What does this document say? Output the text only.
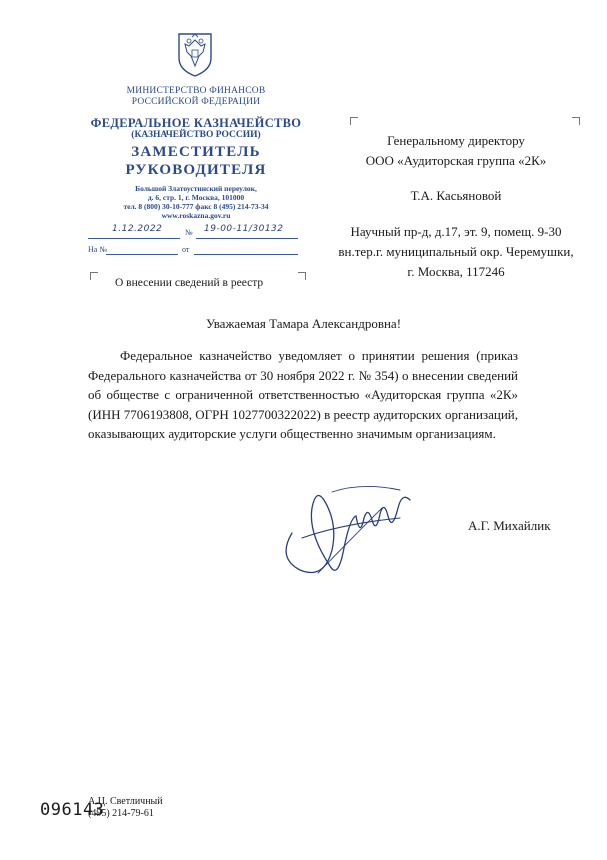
МИНИСТЕРСТВО ФИНАНСОВ
РОССИЙСКОЙ ФЕДЕРАЦИИ
ФЕДЕРАЛЬНОЕ КАЗНАЧЕЙСТВО
(КАЗНАЧЕЙСТВО РОССИИ)
ЗАМЕСТИТЕЛЬ
РУКОВОДИТЕЛЯ
Большой Златоустинский переулок,
д. 6, стр. 1, г. Москва, 101000
тел. 8 (800) 30-10-777 факс 8 (495) 214-73-34
www.roskazna.gov.ru
1.12.2022	№ 19-00-11/30132
На №	от
О внесении сведений в реестр
Генеральному директору
ООО «Аудиторская группа «2К»
Т.А. Касьяновой
Научный пр-д, д.17, эт. 9, помещ. 9-30
вн.тер.г. муниципальный окр. Черемушки,
г. Москва, 117246
Уважаемая Тамара Александровна!
Федеральное казначейство уведомляет о принятии решения (приказ Федерального казначейства от 30 ноября 2022 г. № 354) о внесении сведений об обществе с ограниченной ответственностью «Аудиторская группа «2К» (ИНН 7706193808, ОГРН 1027700322022) в реестр аудиторских организаций, оказывающих аудиторские услуги общественно значимым организациям.
А.Г. Михайлик
А.Ц. Светличный
(495) 214-79-61
096143
